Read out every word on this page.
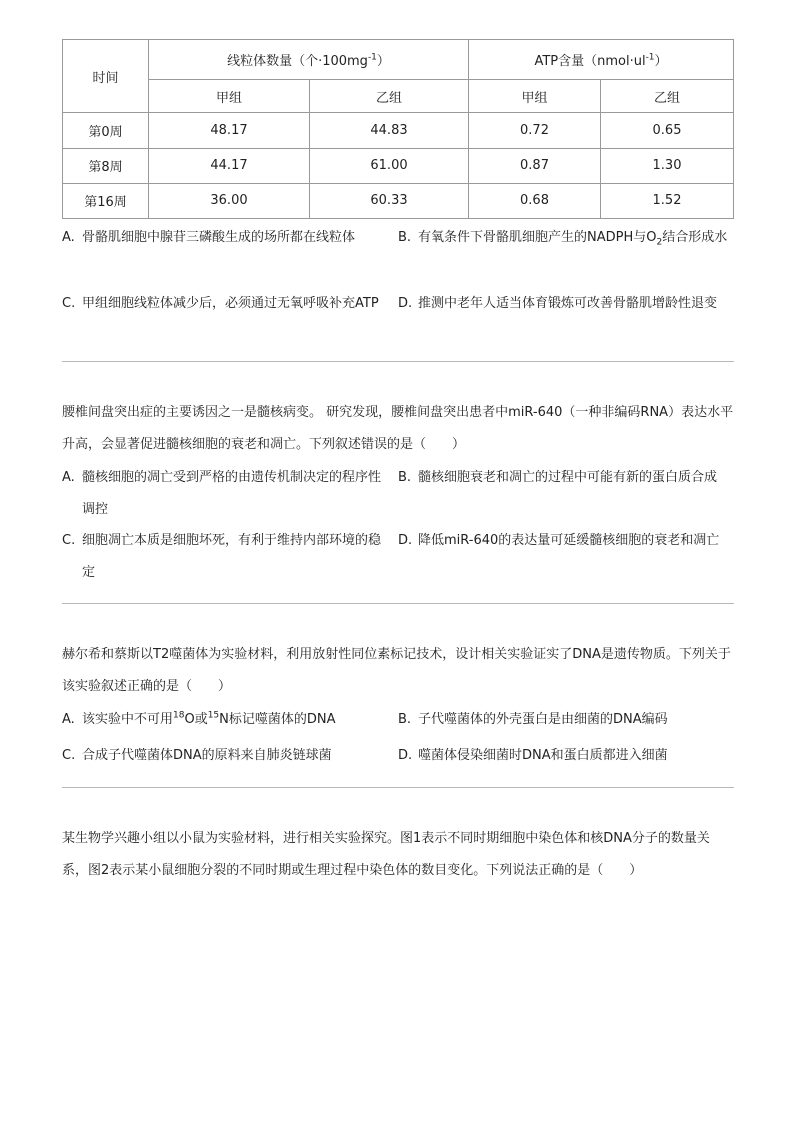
时间	线粒体数量（个$\cdot 100mg^{-1}$）		ATP含量$(nmol\cdot ul^{-1})$	
	甲组	乙组	甲组	乙组
第0周	48.17	44.83	0.72	0.65
第8周	44.17	61.00	0.87	1.30
第16周	36.00	60.33	0.68	1.52
A. 骨骼肌细胞中腺苷三磷酸生成的场所都在线粒体	B. 有氧条件下骨骼肌细胞产生的NADPH与$O_2$结合形成水
C. 甲组细胞线粒体减少后，必须通过无氧呼吸补充ATP	D. 推测中老年人适当体育锻炼可改善骨骼肌增龄性退变
腰椎间盘突出症的主要诱因之一是髓核病变。 研究发现，腰椎间盘突出患者中miR-640（一种非编码RNA）表达水平升高，会显著促进髓核细胞的衰老和凋亡。下列叙述错误的是（　　）
A. 髓核细胞的凋亡受到严格的由遗传机制决定的程序性调控
B. 髓核细胞衰老和凋亡的过程中可能有新的蛋白质合成
C. 细胞凋亡本质是细胞坏死，有利于维持内部环境的稳定
D. 降低miR-640的表达量可延缓髓核细胞的衰老和凋亡
赫尔希和蔡斯以T2噬菌体为实验材料，利用放射性同位素标记技术，设计相关实验证实了DNA是遗传物质。下列关于该实验叙述正确的是（　　）
A. 该实验中不可用$^{18}$O或$^{15}$N标记噬菌体的DNA	B. 子代噬菌体的外壳蛋白是由细菌的DNA编码
C. 合成子代噬菌体DNA的原料来自肺炎链球菌	D. 噬菌体侵染细菌时DNA和蛋白质都进入细菌
某生物学兴趣小组以小鼠为实验材料，进行相关实验探究。图1表示不同时期细胞中染色体和核DNA分子的数量关系，图2表示某小鼠细胞分裂的不同时期或生理过程中染色体的数目变化。下列说法正确的是（　　）
